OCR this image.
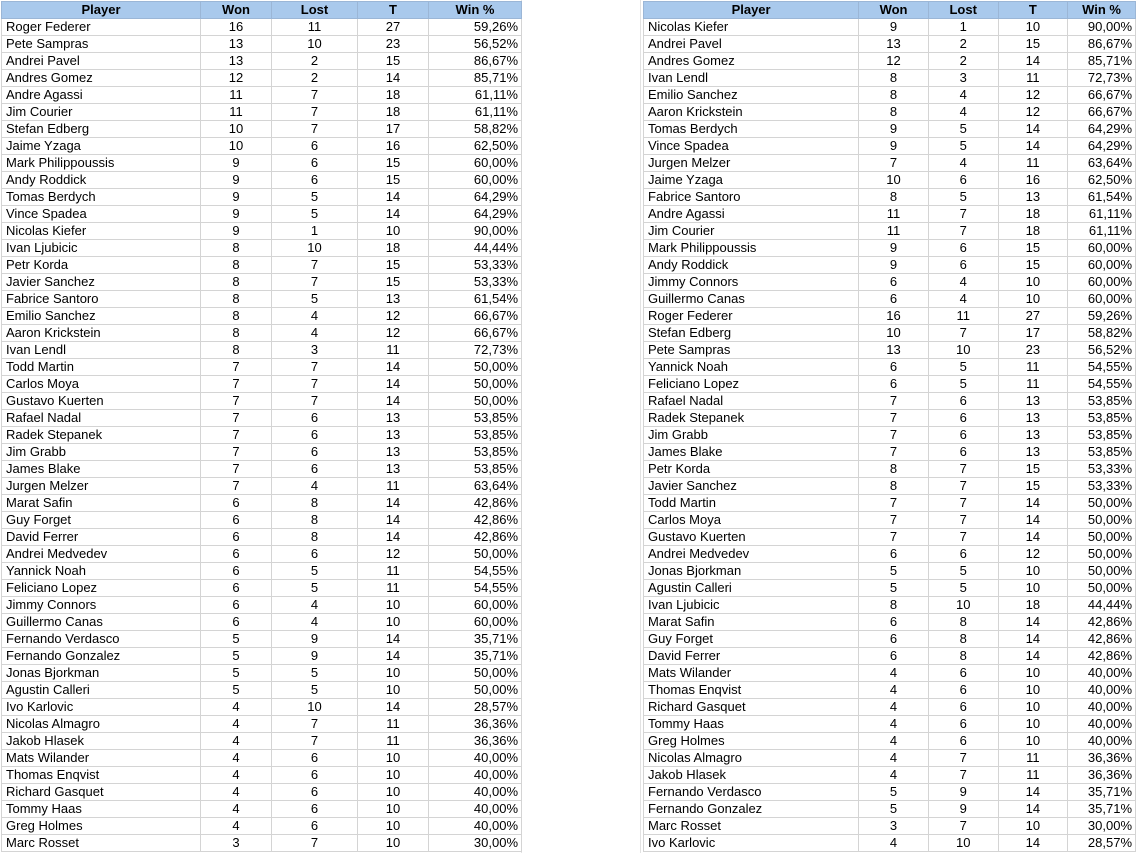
Player	Won	Lost	T	Win %
Roger Federer	16	11	27	59,26%
Pete Sampras	13	10	23	56,52%
Andrei Pavel	13	2	15	86,67%
Andres Gomez	12	2	14	85,71%
Andre Agassi	11	7	18	61,11%
Jim Courier	11	7	18	61,11%
Stefan Edberg	10	7	17	58,82%
Jaime Yzaga	10	6	16	62,50%
Mark Philippoussis	9	6	15	60,00%
Andy Roddick	9	6	15	60,00%
Tomas Berdych	9	5	14	64,29%
Vince Spadea	9	5	14	64,29%
Nicolas Kiefer	9	1	10	90,00%
Ivan Ljubicic	8	10	18	44,44%
Petr Korda	8	7	15	53,33%
Javier Sanchez	8	7	15	53,33%
Fabrice Santoro	8	5	13	61,54%
Emilio Sanchez	8	4	12	66,67%
Aaron Krickstein	8	4	12	66,67%
Ivan Lendl	8	3	11	72,73%
Todd Martin	7	7	14	50,00%
Carlos Moya	7	7	14	50,00%
Gustavo Kuerten	7	7	14	50,00%
Rafael Nadal	7	6	13	53,85%
Radek Stepanek	7	6	13	53,85%
Jim Grabb	7	6	13	53,85%
James Blake	7	6	13	53,85%
Jurgen Melzer	7	4	11	63,64%
Marat Safin	6	8	14	42,86%
Guy Forget	6	8	14	42,86%
David Ferrer	6	8	14	42,86%
Andrei Medvedev	6	6	12	50,00%
Yannick Noah	6	5	11	54,55%
Feliciano Lopez	6	5	11	54,55%
Jimmy Connors	6	4	10	60,00%
Guillermo Canas	6	4	10	60,00%
Fernando Verdasco	5	9	14	35,71%
Fernando Gonzalez	5	9	14	35,71%
Jonas Bjorkman	5	5	10	50,00%
Agustin Calleri	5	5	10	50,00%
Ivo Karlovic	4	10	14	28,57%
Nicolas Almagro	4	7	11	36,36%
Jakob Hlasek	4	7	11	36,36%
Mats Wilander	4	6	10	40,00%
Thomas Enqvist	4	6	10	40,00%
Richard Gasquet	4	6	10	40,00%
Tommy Haas	4	6	10	40,00%
Greg Holmes	4	6	10	40,00%
Marc Rosset	3	7	10	30,00%
Player	Won	Lost	T	Win %
Nicolas Kiefer	9	1	10	90,00%
Andrei Pavel	13	2	15	86,67%
Andres Gomez	12	2	14	85,71%
Ivan Lendl	8	3	11	72,73%
Emilio Sanchez	8	4	12	66,67%
Aaron Krickstein	8	4	12	66,67%
Tomas Berdych	9	5	14	64,29%
Vince Spadea	9	5	14	64,29%
Jurgen Melzer	7	4	11	63,64%
Jaime Yzaga	10	6	16	62,50%
Fabrice Santoro	8	5	13	61,54%
Andre Agassi	11	7	18	61,11%
Jim Courier	11	7	18	61,11%
Mark Philippoussis	9	6	15	60,00%
Andy Roddick	9	6	15	60,00%
Jimmy Connors	6	4	10	60,00%
Guillermo Canas	6	4	10	60,00%
Roger Federer	16	11	27	59,26%
Stefan Edberg	10	7	17	58,82%
Pete Sampras	13	10	23	56,52%
Yannick Noah	6	5	11	54,55%
Feliciano Lopez	6	5	11	54,55%
Rafael Nadal	7	6	13	53,85%
Radek Stepanek	7	6	13	53,85%
Jim Grabb	7	6	13	53,85%
James Blake	7	6	13	53,85%
Petr Korda	8	7	15	53,33%
Javier Sanchez	8	7	15	53,33%
Todd Martin	7	7	14	50,00%
Carlos Moya	7	7	14	50,00%
Gustavo Kuerten	7	7	14	50,00%
Andrei Medvedev	6	6	12	50,00%
Jonas Bjorkman	5	5	10	50,00%
Agustin Calleri	5	5	10	50,00%
Ivan Ljubicic	8	10	18	44,44%
Marat Safin	6	8	14	42,86%
Guy Forget	6	8	14	42,86%
David Ferrer	6	8	14	42,86%
Mats Wilander	4	6	10	40,00%
Thomas Enqvist	4	6	10	40,00%
Richard Gasquet	4	6	10	40,00%
Tommy Haas	4	6	10	40,00%
Greg Holmes	4	6	10	40,00%
Nicolas Almagro	4	7	11	36,36%
Jakob Hlasek	4	7	11	36,36%
Fernando Verdasco	5	9	14	35,71%
Fernando Gonzalez	5	9	14	35,71%
Marc Rosset	3	7	10	30,00%
Ivo Karlovic	4	10	14	28,57%
